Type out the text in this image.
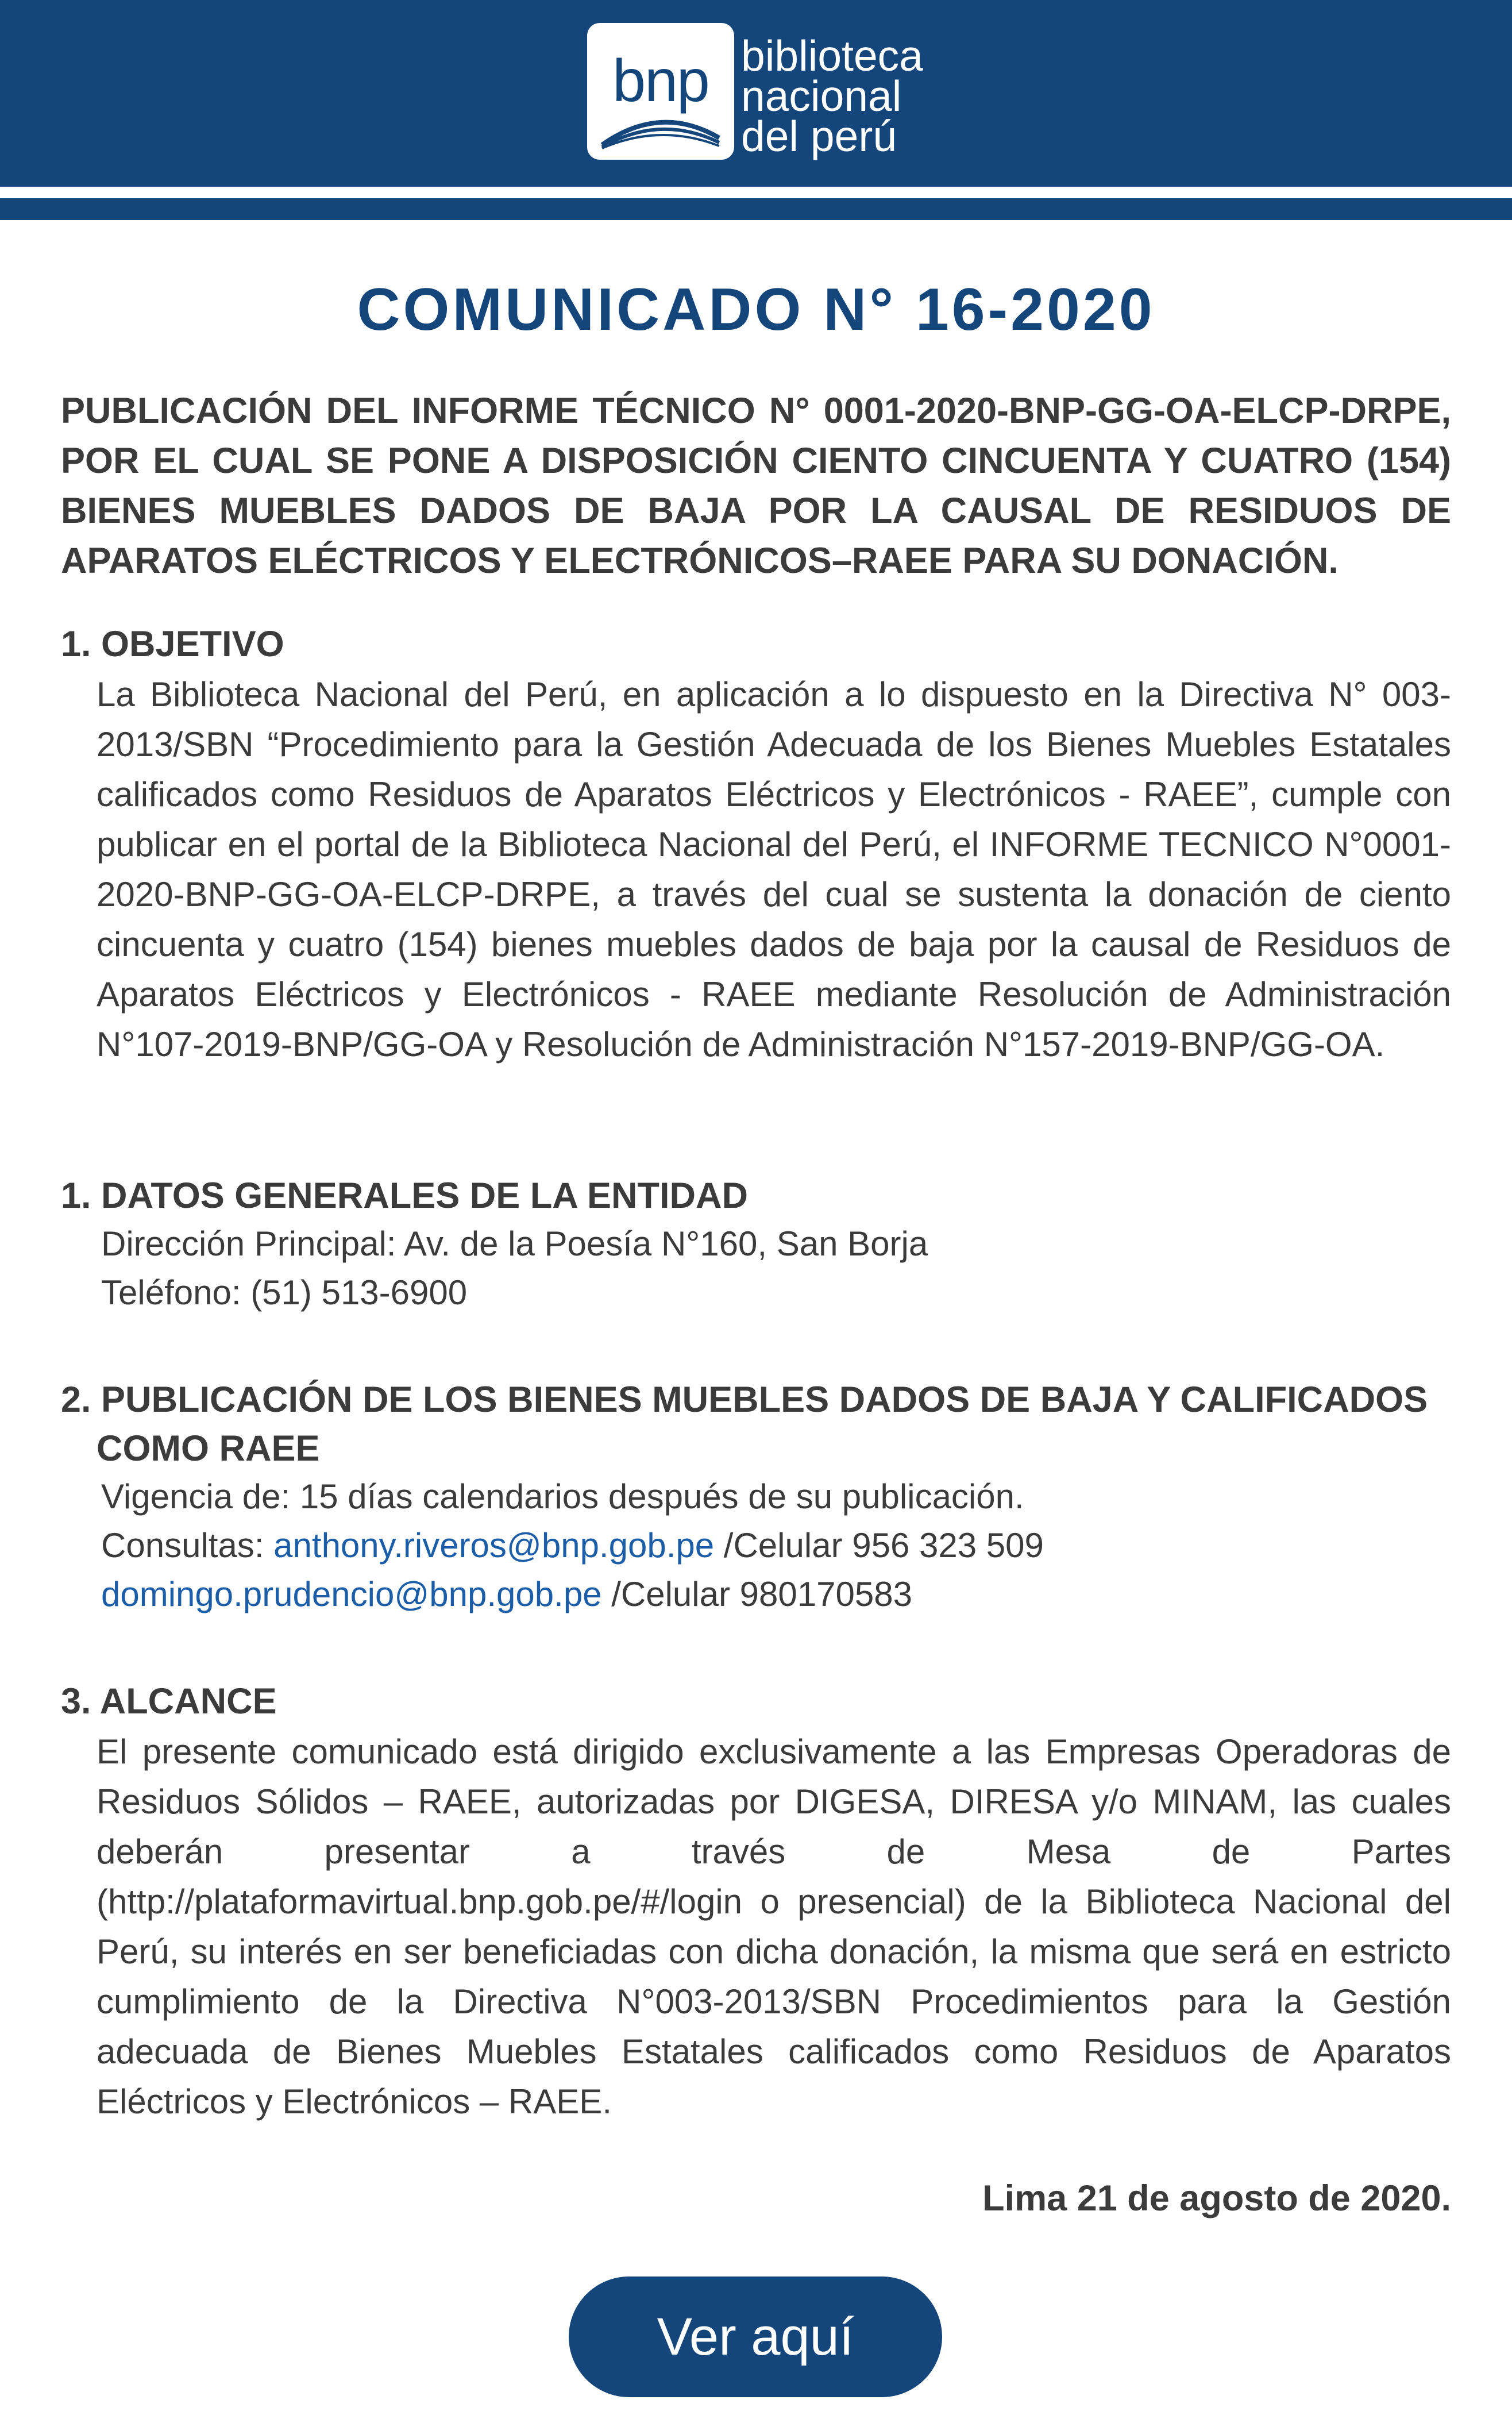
bnp biblioteca
nacional
del perú
COMUNICADO N° 16-2020
PUBLICACIÓN DEL INFORME TÉCNICO N° 0001-2020-BNP-GG-OA-ELCP-DRPE, POR EL CUAL SE PONE A DISPOSICIÓN CIENTO CINCUENTA Y CUATRO (154) BIENES MUEBLES DADOS DE BAJA POR LA CAUSAL DE RESIDUOS DE APARATOS ELÉCTRICOS Y ELECTRÓNICOS–RAEE PARA SU DONACIÓN.
1. OBJETIVO
La Biblioteca Nacional del Perú, en aplicación a lo dispuesto en la Directiva N° 003-2013/SBN “Procedimiento para la Gestión Adecuada de los Bienes Muebles Estatales calificados como Residuos de Aparatos Eléctricos y Electrónicos - RAEE”, cumple con publicar en el portal de la Biblioteca Nacional del Perú, el INFORME TECNICO N°0001-2020-BNP-GG-OA-ELCP-DRPE, a través del cual se sustenta la donación de ciento cincuenta y cuatro (154) bienes muebles dados de baja por la causal de Residuos de Aparatos Eléctricos y Electrónicos - RAEE mediante Resolución de Administración N°107-2019-BNP/GG-OA y Resolución de Administración N°157-2019-BNP/GG-OA.
1. DATOS GENERALES DE LA ENTIDAD
Dirección Principal: Av. de la Poesía N°160, San Borja
Teléfono: (51) 513-6900
2. PUBLICACIÓN DE LOS BIENES MUEBLES DADOS DE BAJA Y CALIFICADOS
COMO RAEE
Vigencia de: 15 días calendarios después de su publicación.
Consultas: anthony.riveros@bnp.gob.pe /Celular 956 323 509
domingo.prudencio@bnp.gob.pe /Celular 980170583
3. ALCANCE
El presente comunicado está dirigido exclusivamente a las Empresas Operadoras de Residuos Sólidos – RAEE, autorizadas por DIGESA, DIRESA y/o MINAM, las cuales deberán presentar a través de Mesa de Partes (http://plataformavirtual.bnp.gob.pe/#/login o presencial) de la Biblioteca Nacional del Perú, su interés en ser beneficiadas con dicha donación, la misma que será en estricto cumplimiento de la Directiva N°003-2013/SBN Procedimientos para la Gestión adecuada de Bienes Muebles Estatales calificados como Residuos de Aparatos Eléctricos y Electrónicos – RAEE.
Lima 21 de agosto de 2020.
Ver aquí
